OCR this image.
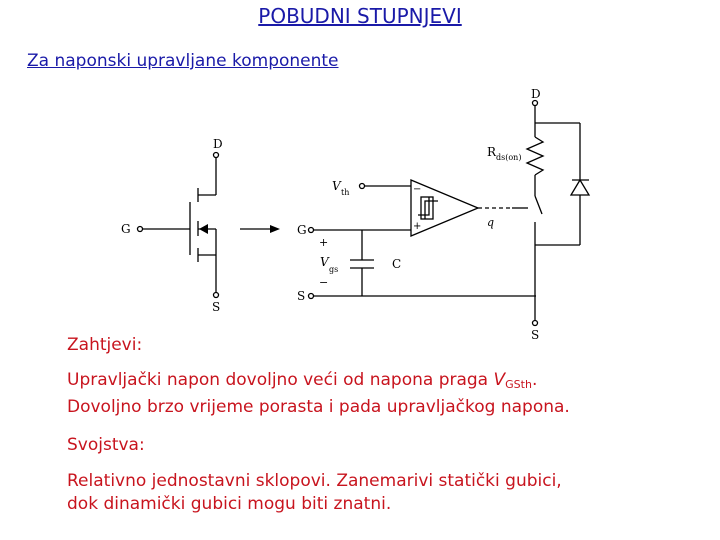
POBUDNI STUPNJEVI
Za naponski upravljane komponente
D
G
S
V th
G
S
+
−
V
gs	C
−
+	q
D
S
R ds(on)
Zahtjevi:
Upravljački napon dovoljno veći od napona praga $V_{GSth}$.
Dovoljno brzo vrijeme porasta i pada upravljačkog napona.
Svojstva:
Relativno jednostavni sklopovi. Zanemarivi statički gubici,
dok dinamički gubici mogu biti znatni.
